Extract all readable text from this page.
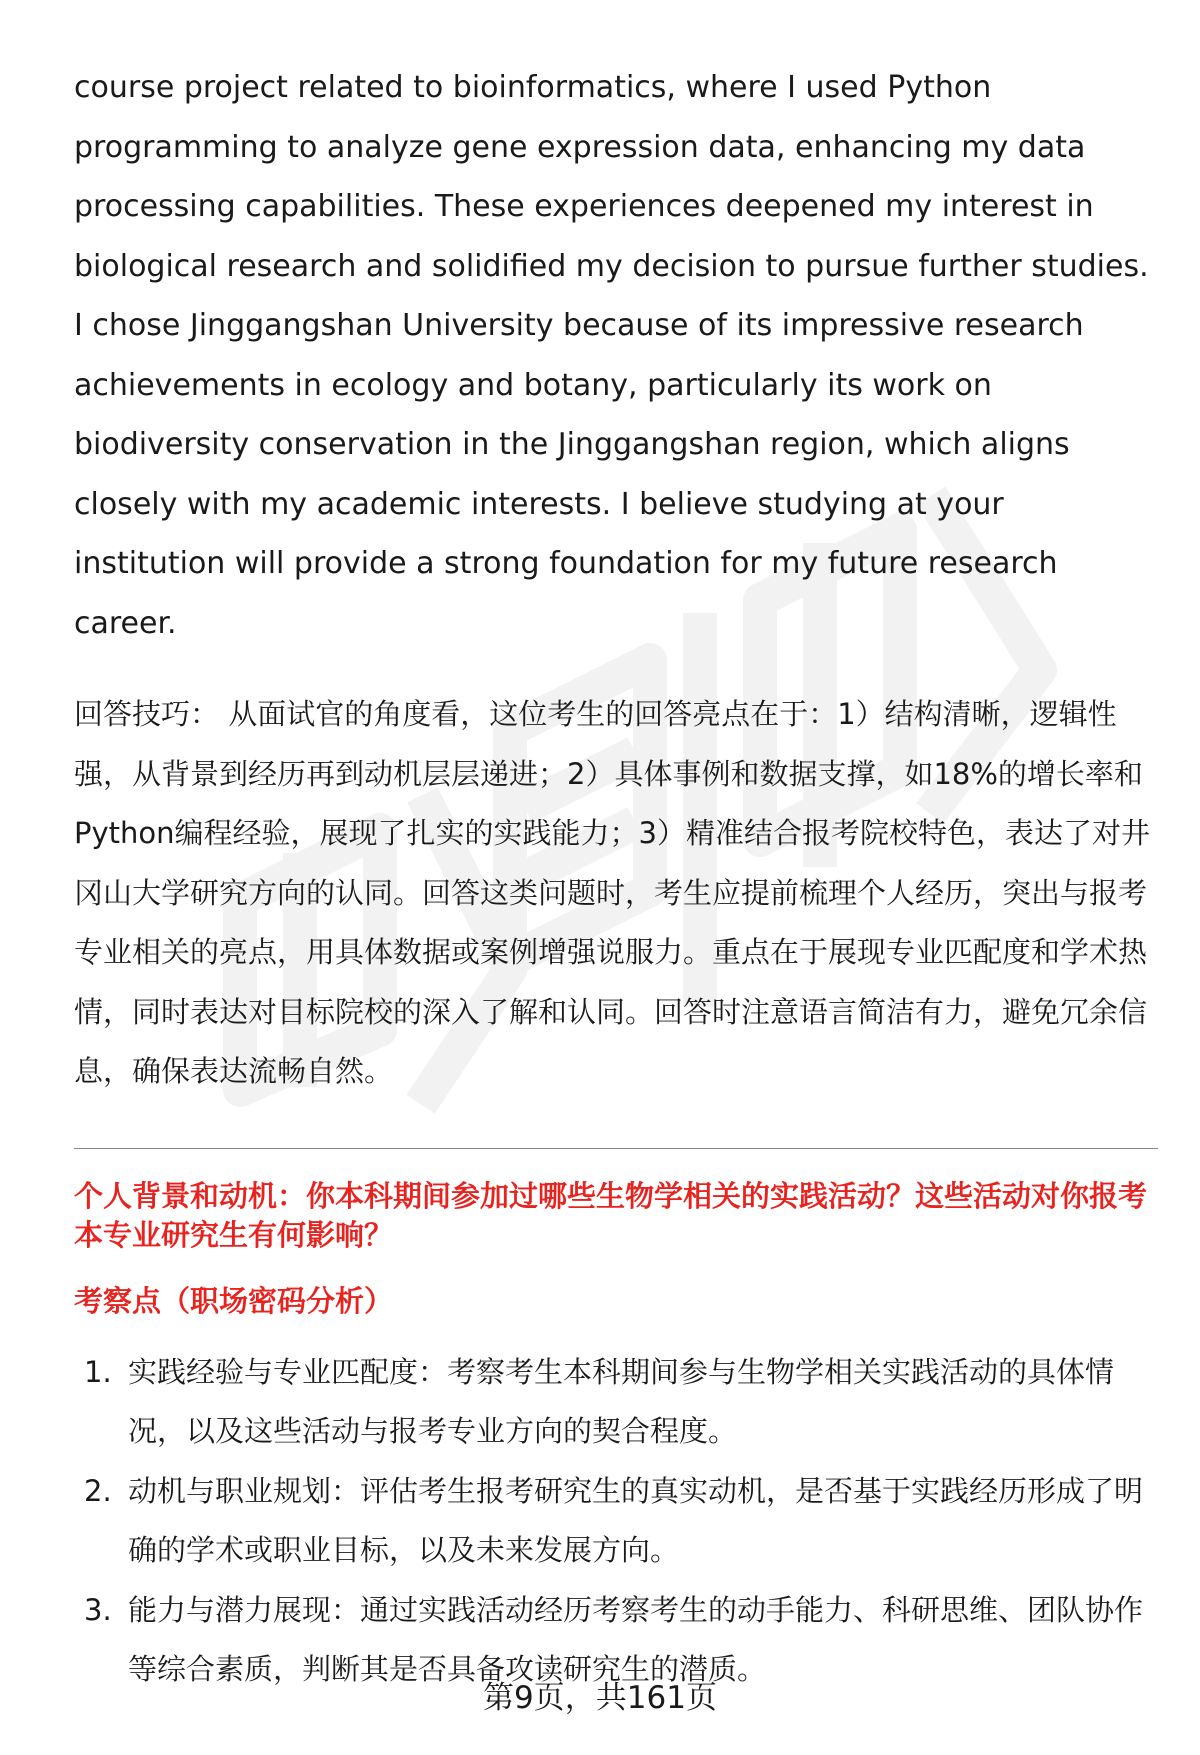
course project related to bioinformatics, where I used Python programming to analyze gene expression data, enhancing my data processing capabilities. These experiences deepened my interest in biological research and solidified my decision to pursue further studies. I chose Jinggangshan University because of its impressive research achievements in ecology and botany, particularly its work on biodiversity conservation in the Jinggangshan region, which aligns closely with my academic interests. I believe studying at your institution will provide a strong foundation for my future research career.

回答技巧： 从面试官的角度看，这位考生的回答亮点在于：1）结构清晰，逻辑性强，从背景到经历再到动机层层递进；2）具体事例和数据支撑，如18%的增长率和Python编程经验，展现了扎实的实践能力；3）精准结合报考院校特色，表达了对井冈山大学研究方向的认同。回答这类问题时，考生应提前梳理个人经历，突出与报考专业相关的亮点，用具体数据或案例增强说服力。重点在于展现专业匹配度和学术热情，同时表达对目标院校的深入了解和认同。回答时注意语言简洁有力，避免冗余信息，确保表达流畅自然。

个人背景和动机：你本科期间参加过哪些生物学相关的实践活动？这些活动对你报考本专业研究生有何影响？
考察点（职场密码分析）
1. 实践经验与专业匹配度：考察考生本科期间参与生物学相关实践活动的具体情况，以及这些活动与报考专业方向的契合程度。
2. 动机与职业规划：评估考生报考研究生的真实动机，是否基于实践经历形成了明确的学术或职业目标，以及未来发展方向。
3. 能力与潜力展现：通过实践活动经历考察考生的动手能力、科研思维、团队协作等综合素质，判断其是否具备攻读研究生的潜质。
第9页，共161页
